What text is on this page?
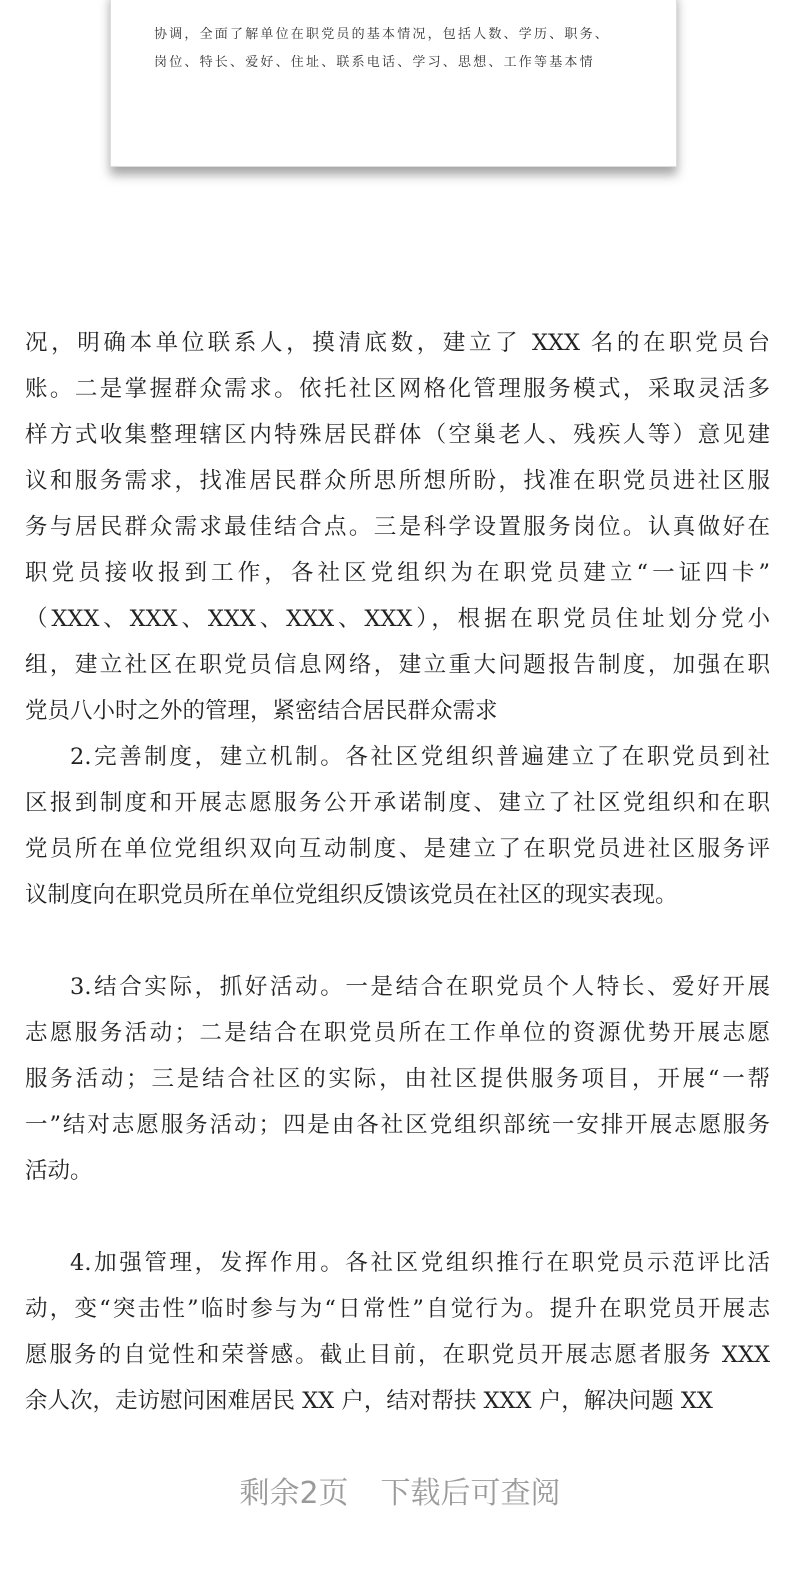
协调，全面了解单位在职党员的基本情况，包括人数、学历、职务、
岗位、特长、爱好、住址、联系电话、学习、思想、工作等基本情
况，明确本单位联系人，摸清底数，建立了 XXX 名的在职党员台
账。二是掌握群众需求。依托社区网格化管理服务模式，采取灵活多
样方式收集整理辖区内特殊居民群体（空巢老人、残疾人等）意见建
议和服务需求，找准居民群众所思所想所盼，找准在职党员进社区服
务与居民群众需求最佳结合点。三是科学设置服务岗位。认真做好在
职党员接收报到工作，各社区党组织为在职党员建立“一证四卡”
（XXX、XXX、XXX、XXX、XXX），根据在职党员住址划分党小
组，建立社区在职党员信息网络，建立重大问题报告制度，加强在职
党员八小时之外的管理，紧密结合居民群众需求
2.完善制度，建立机制。各社区党组织普遍建立了在职党员到社
区报到制度和开展志愿服务公开承诺制度、建立了社区党组织和在职
党员所在单位党组织双向互动制度、是建立了在职党员进社区服务评
议制度向在职党员所在单位党组织反馈该党员在社区的现实表现。
3.结合实际，抓好活动。一是结合在职党员个人特长、爱好开展
志愿服务活动；二是结合在职党员所在工作单位的资源优势开展志愿
服务活动；三是结合社区的实际，由社区提供服务项目，开展“一帮
一”结对志愿服务活动；四是由各社区党组织部统一安排开展志愿服务
活动。
4.加强管理，发挥作用。各社区党组织推行在职党员示范评比活
动，变“突击性”临时参与为“日常性”自觉行为。提升在职党员开展志
愿服务的自觉性和荣誉感。截止目前，在职党员开展志愿者服务 XXX
余人次，走访慰问困难居民 XX 户，结对帮扶 XXX 户，解决问题 XX
剩余2页 下载后可查阅
